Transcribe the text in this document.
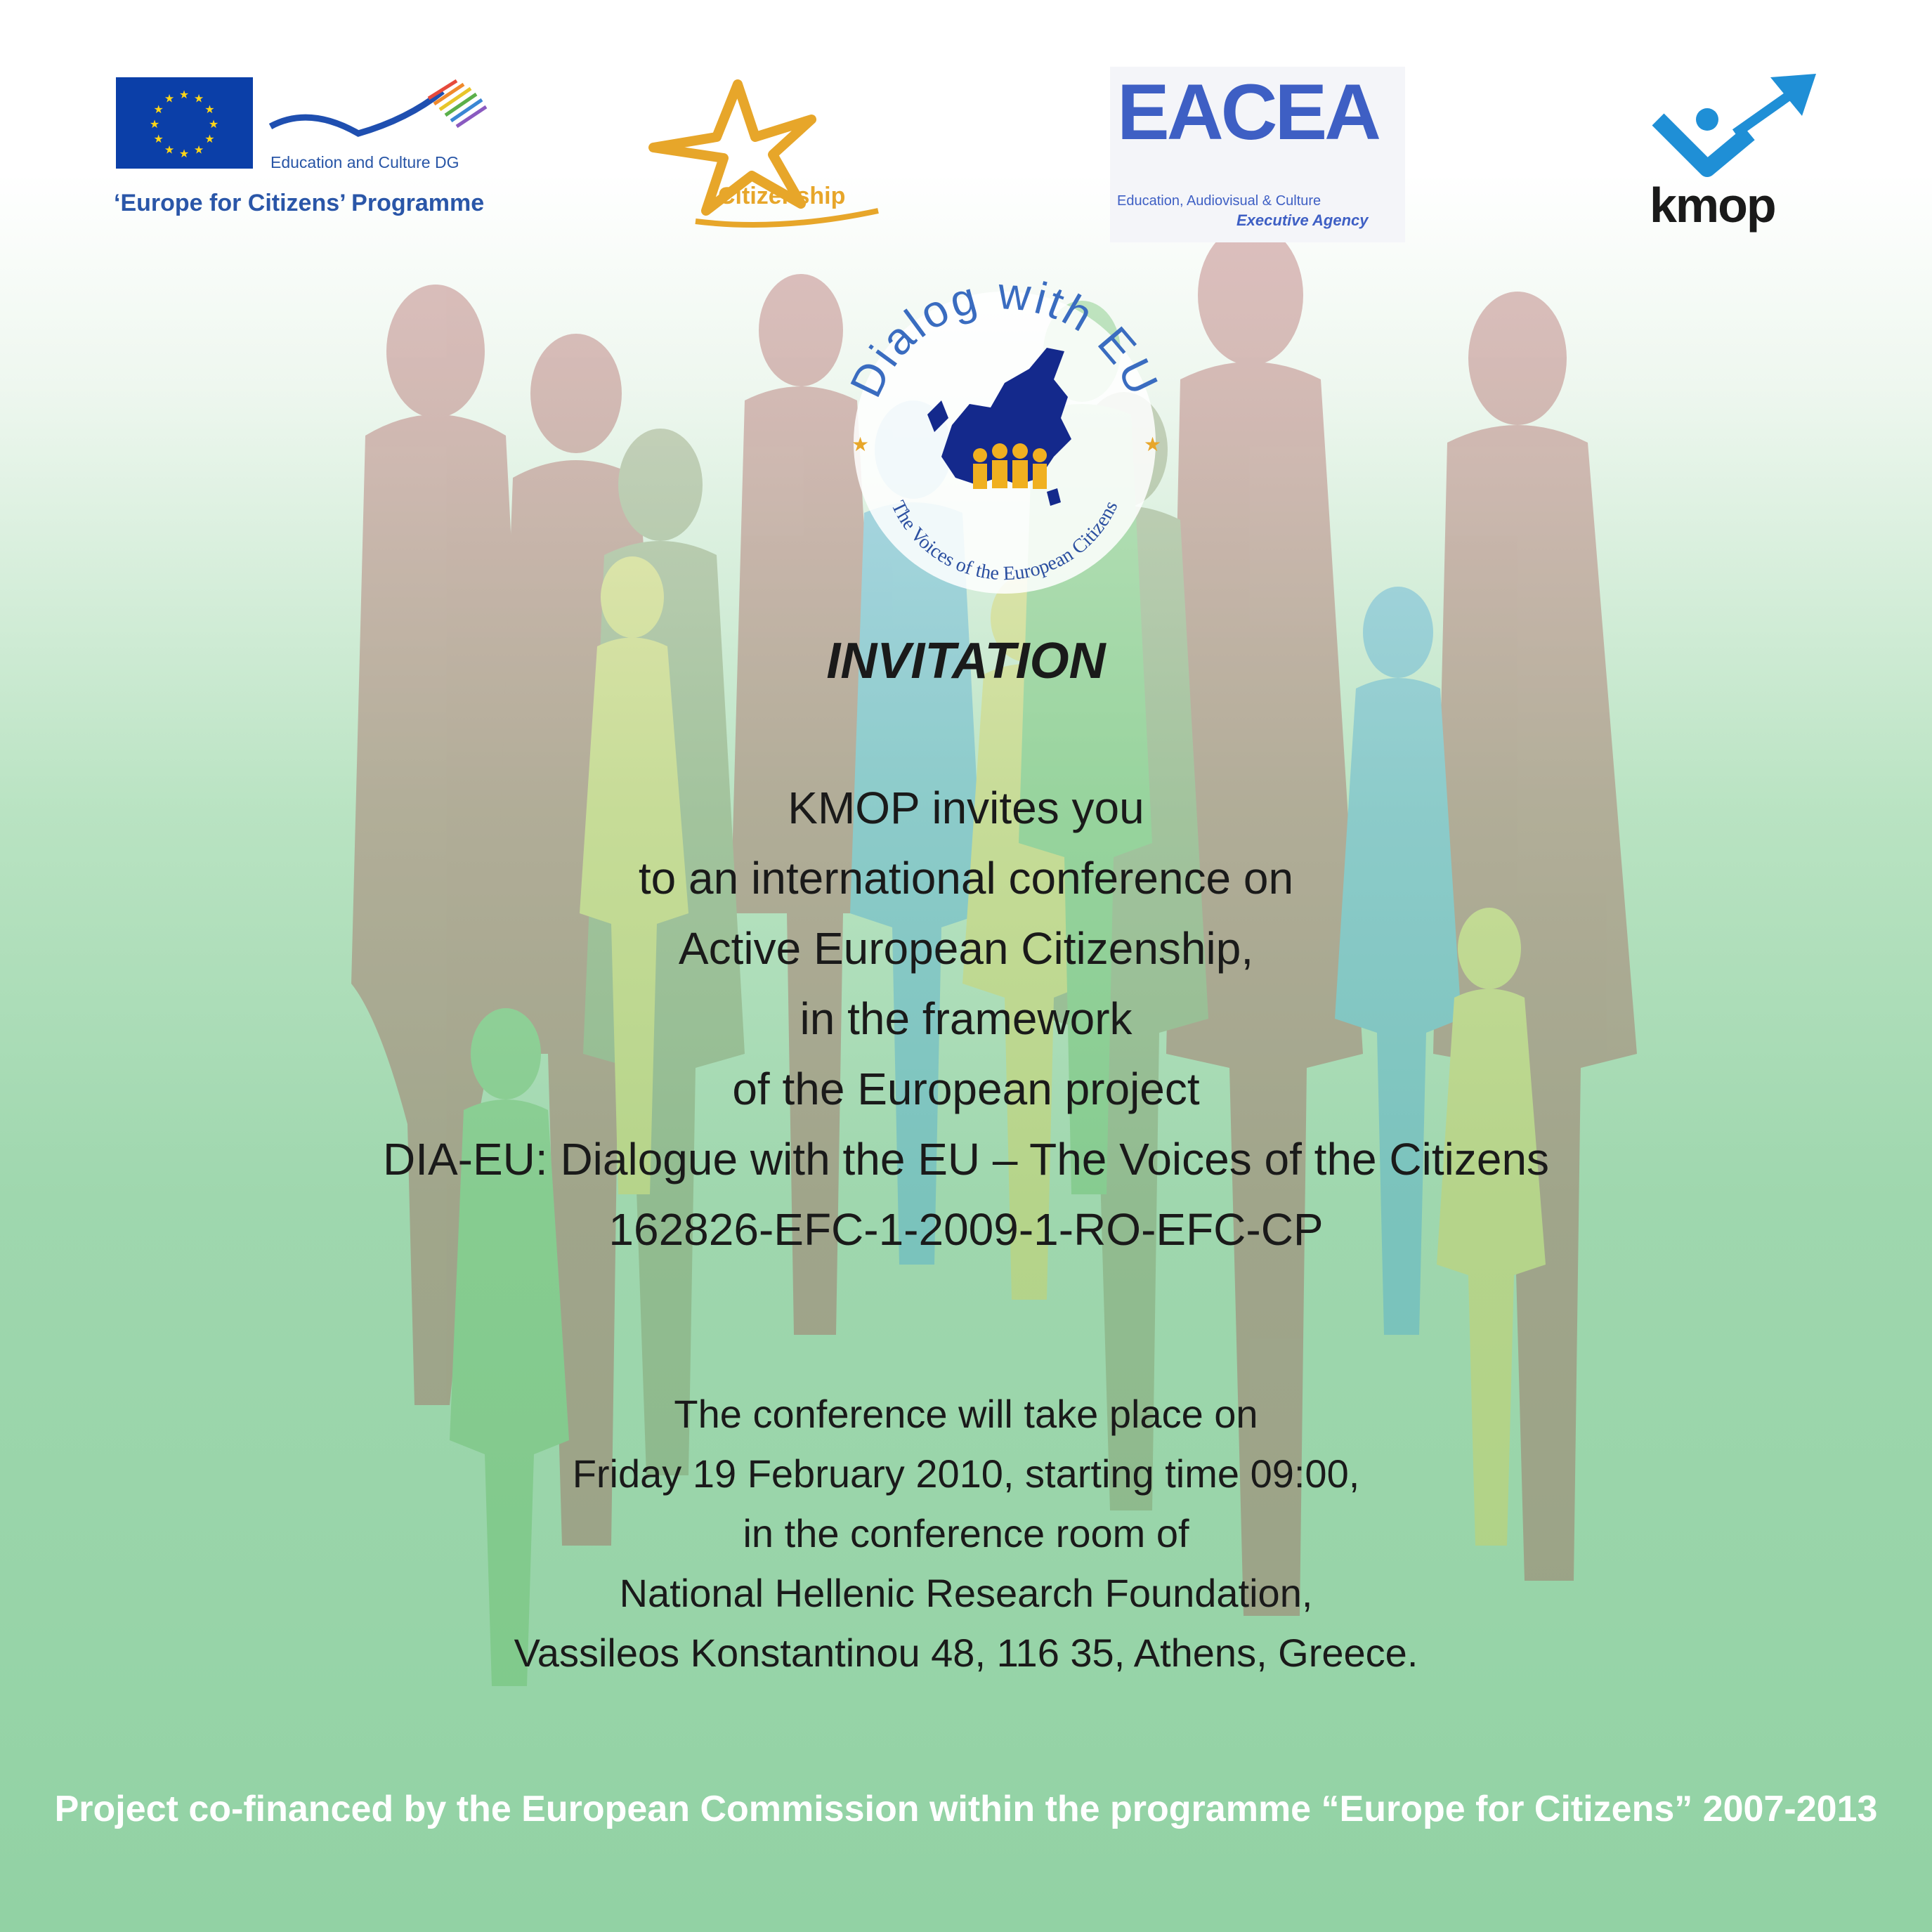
★
★
★
★
★
★
★
★
★ ★ ★
★
Education and Culture DG
‘Europe for Citizens’ Programme	Citizenship
EACEA
Education, Audiovisual & Culture
Executive Agency	kmop
Dialog with EU
The Voices of the European Citizens
★	★
INVITATION
KMOP invites you
to an international conference on
Active European Citizenship,
in the framework
of the European project
DIA-EU: Dialogue with the EU – The Voices of the Citizens
162826-EFC-1-2009-1-RO-EFC-CP
The conference will take place on
Friday 19 February 2010, starting time 09:00,
in the conference room of
National Hellenic Research Foundation,
Vassileos Konstantinou 48, 116 35, Athens, Greece.
Project co-financed by the European Commission within the programme “Europe for Citizens” 2007-2013
